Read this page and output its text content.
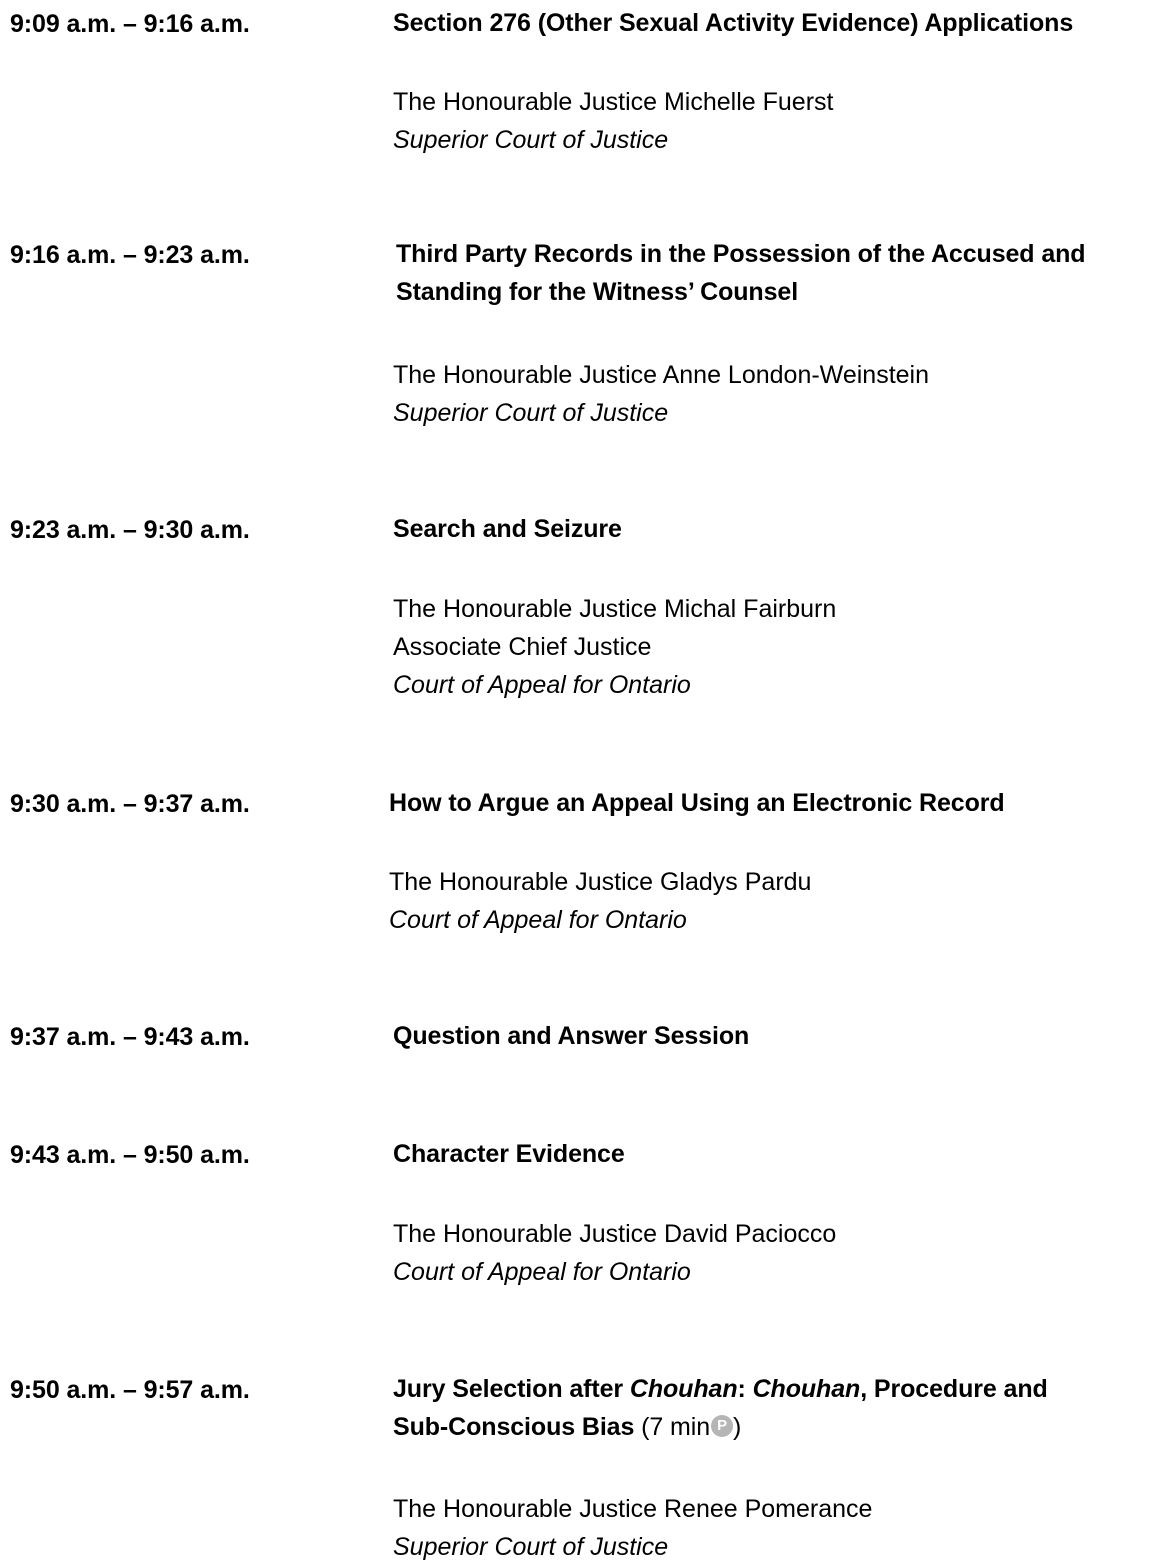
9:09 a.m. – 9:16 a.m.	Section 276 (Other Sexual Activity Evidence) Applications
The Honourable Justice Michelle Fuerst
Superior Court of Justice
9:16 a.m. – 9:23 a.m.	Third Party Records in the Possession of the Accused and
Standing for the Witness’ Counsel
The Honourable Justice Anne London-Weinstein
Superior Court of Justice
9:23 a.m. – 9:30 a.m.	Search and Seizure
The Honourable Justice Michal Fairburn
Associate Chief Justice
Court of Appeal for Ontario
9:30 a.m. – 9:37 a.m.	How to Argue an Appeal Using an Electronic Record
The Honourable Justice Gladys Pardu
Court of Appeal for Ontario
9:37 a.m. – 9:43 a.m.	Question and Answer Session
9:43 a.m. – 9:50 a.m.	Character Evidence
The Honourable Justice David Paciocco
Court of Appeal for Ontario
9:50 a.m. – 9:57 a.m.	Jury Selection after Chouhan: Chouhan, Procedure and
Sub-Conscious Bias (7 min P )
The Honourable Justice Renee Pomerance
Superior Court of Justice
